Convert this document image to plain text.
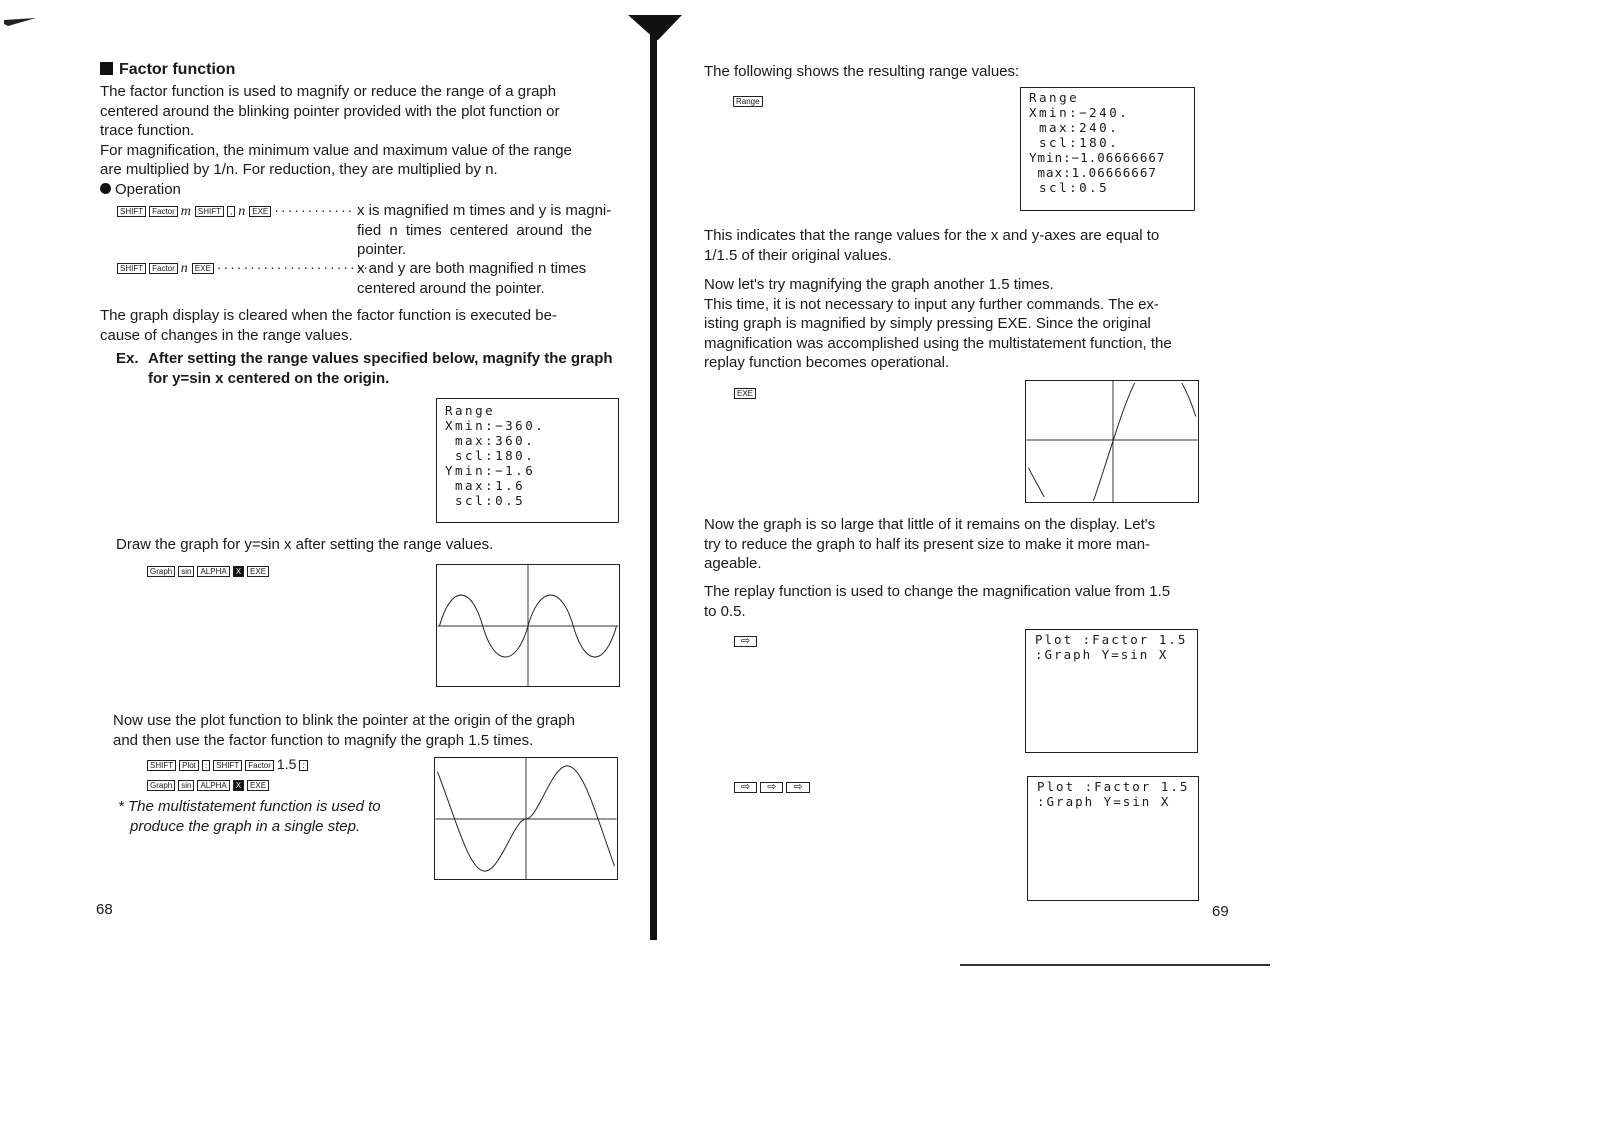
Factor function

The factor function is used to magnify or reduce the range of a graph

centered around the blinking pointer provided with the plot function or

trace function.

For magnification, the minimum value and maximum value of the range

are multiplied by 1/n. For reduction, they are multiplied by n.

Operation
SHIFT Factor m SHIFT , n EXE ············ x is magnified m times and y is magni-

fied n times centered around the

pointer.

SHIFT Factor n EXE ························

x and y are both magnified n times

centered around the pointer.

The graph display is cleared when the factor function is executed be-

cause of changes in the range values.

Ex. After setting the range values specified below, magnify the graph

for y=sin x centered on the origin.

Range
Xmin:−360.
max:360.
scl:180.
Ymin:−1.6
max:1.6
scl:0.5
Draw the graph for y=sin x after setting the range values.
Graph sin ALPHA X EXE

Now use the plot function to blink the pointer at the origin of the graph

and then use the factor function to magnify the graph 1.5 times.

SHIFT Plot : SHIFT Factor 1.5 :
Graph sin ALPHA X EXE

* The multistatement function is used to

produce the graph in a single step.

68
The following shows the resulting range values:
Range	Range
Xmin:−240.
max:240.
scl:180.
Ymin:−1.06666667
max:1.06666667
scl:0.5

This indicates that the range values for the x and y-axes are equal to

1/1.5 of their original values.

Now let's try magnifying the graph another 1.5 times.

This time, it is not necessary to input any further commands. The ex-

isting graph is magnified by simply pressing EXE. Since the original

magnification was accomplished using the multistatement function, the

replay function becomes operational.

EXE

Now the graph is so large that little of it remains on the display. Let's

try to reduce the graph to half its present size to make it more man-

ageable.

The replay function is used to change the magnification value from 1.5

to 0.5.

⇨	Plot :Factor 1.5
:Graph Y=sin X
⇨ ⇨ ⇨	Plot :Factor 1.5
:Graph Y=sin X
69
